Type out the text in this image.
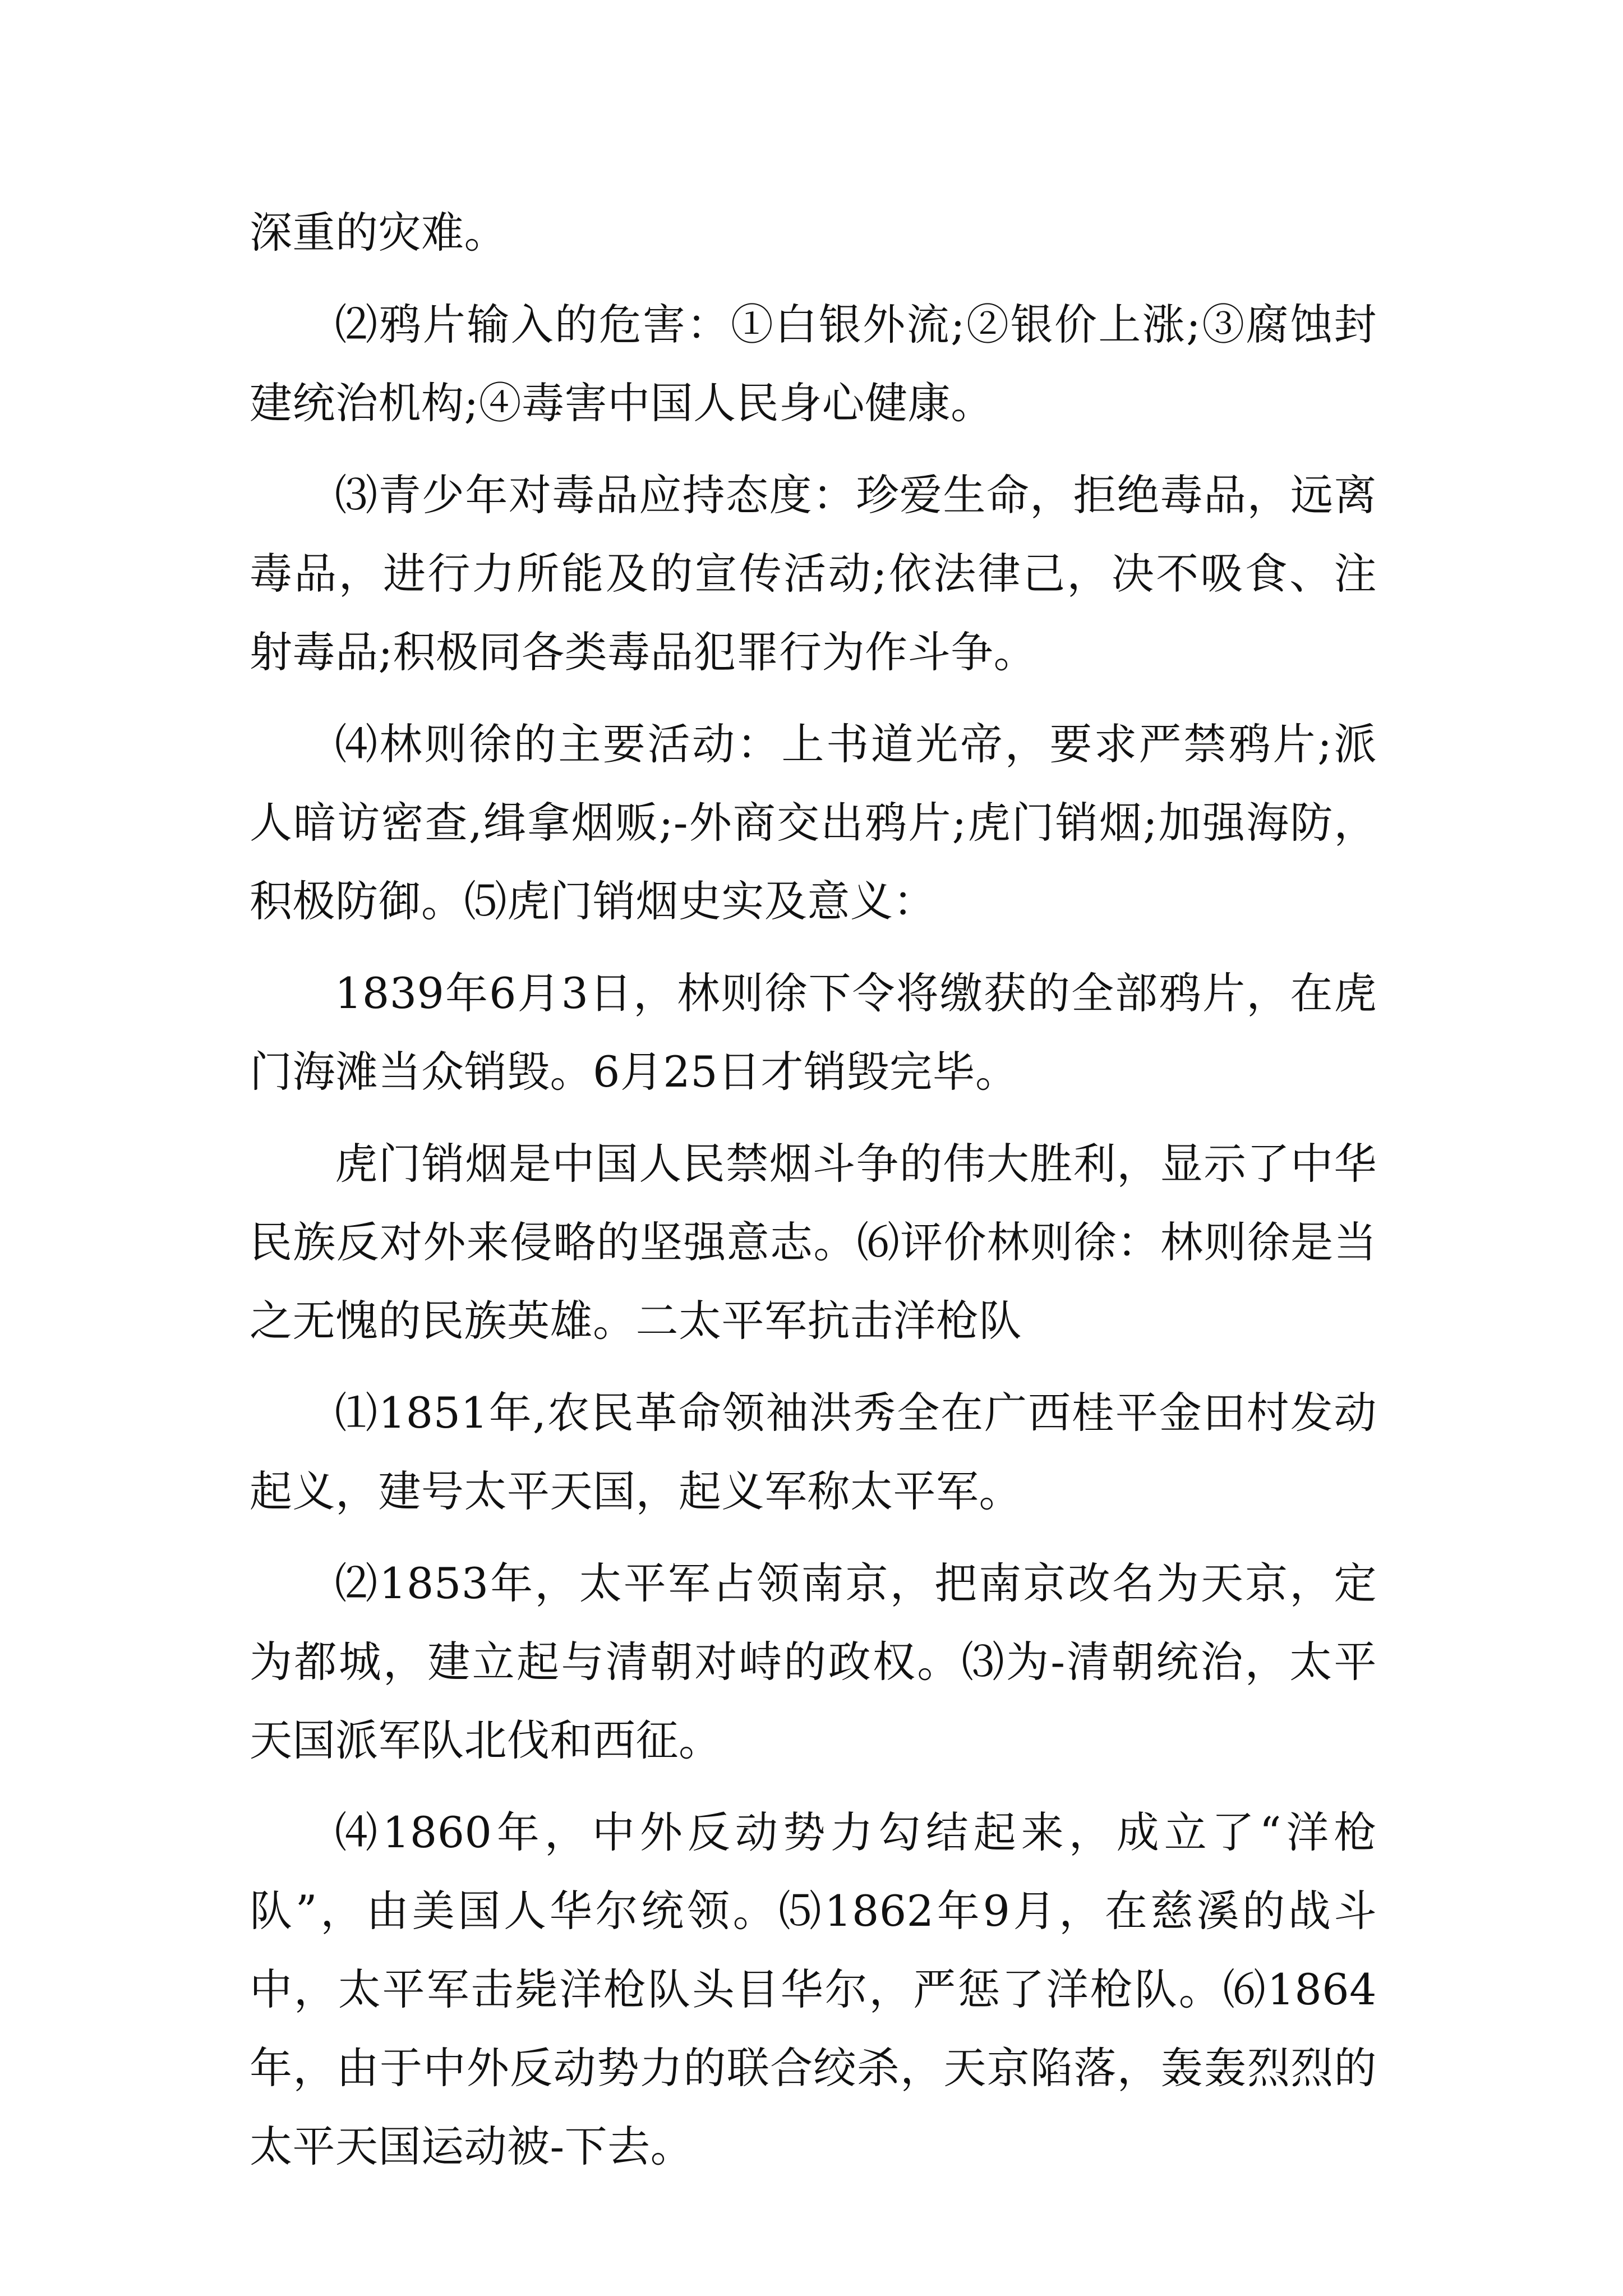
深重的灾难。

⑵鸦片输入的危害：①白银外流;②银价上涨;③腐蚀封建统治机构;④毒害中国人民身心健康。

⑶青少年对毒品应持态度：珍爱生命，拒绝毒品，远离毒品，进行力所能及的宣传活动;依法律己，决不吸食、注射毒品;积极同各类毒品犯罪行为作斗争。

⑷林则徐的主要活动：上书道光帝，要求严禁鸦片;派人暗访密查,缉拿烟贩;-外商交出鸦片;虎门销烟;加强海防，积极防御。⑸虎门销烟史实及意义：

1839年6月3日，林则徐下令将缴获的全部鸦片，在虎门海滩当众销毁。6月25日才销毁完毕。

虎门销烟是中国人民禁烟斗争的伟大胜利，显示了中华民族反对外来侵略的坚强意志。⑹评价林则徐：林则徐是当之无愧的民族英雄。二太平军抗击洋枪队

⑴1851年,农民革命领袖洪秀全在广西桂平金田村发动起义，建号太平天国，起义军称太平军。

⑵1853年，太平军占领南京，把南京改名为天京，定为都城，建立起与清朝对峙的政权。⑶为-清朝统治，太平天国派军队北伐和西征。

⑷1860年，中外反动势力勾结起来，成立了“洋枪队”，由美国人华尔统领。⑸1862年9月，在慈溪的战斗中，太平军击毙洋枪队头目华尔，严惩了洋枪队。⑹1864年，由于中外反动势力的联合绞杀，天京陷落，轰轰烈烈的太平天国运动被-下去。
